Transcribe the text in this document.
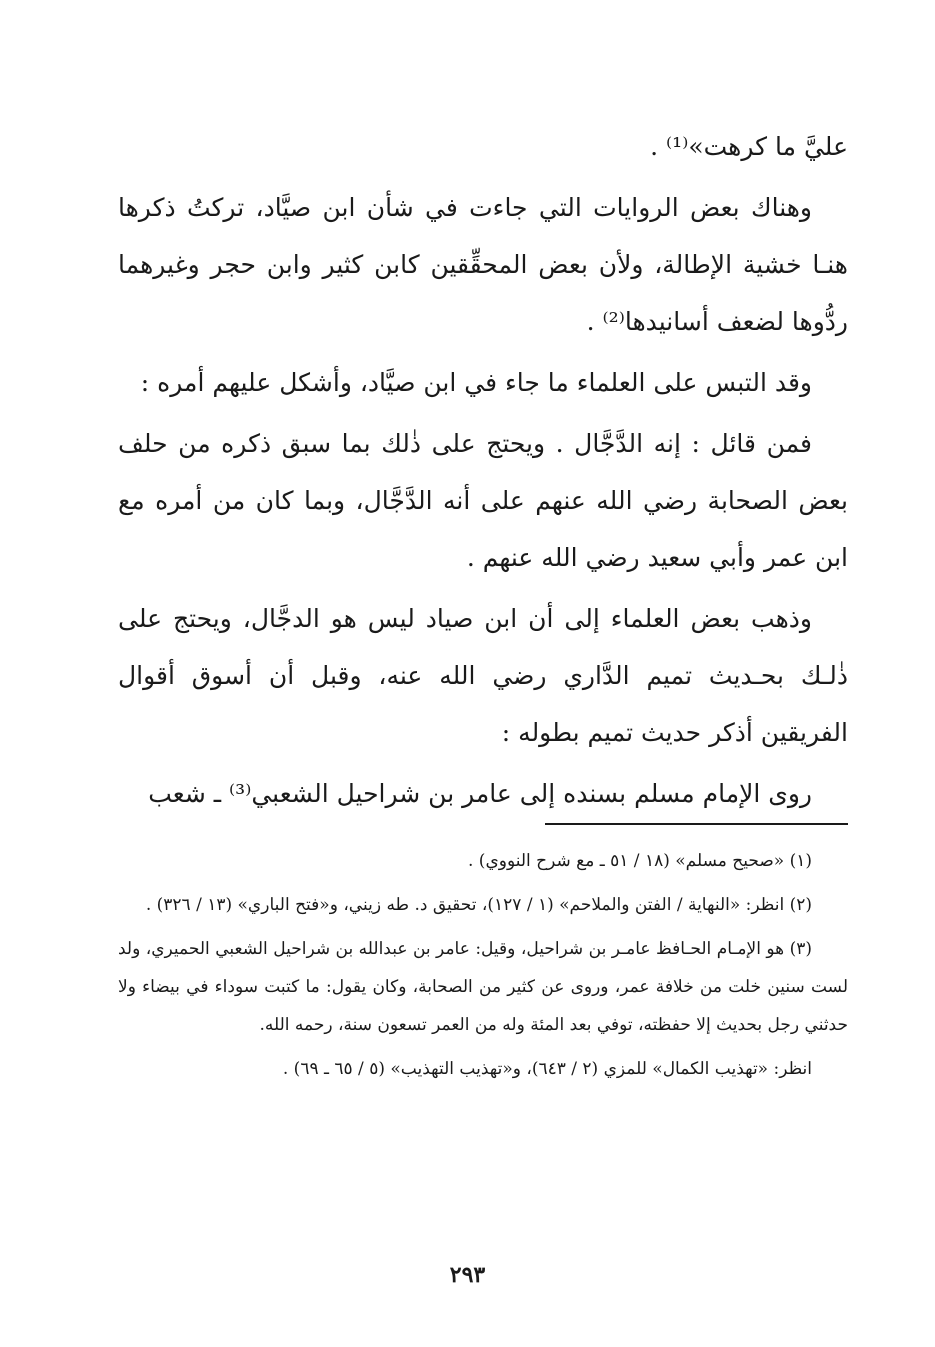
عليَّ ما كرهت»⁽¹⁾ .

وهناك بعض الروايات التي جاءت في شأن ابن صيَّاد، تركتُ ذكرها هنـا خشية الإطالة، ولأن بعض المحقِّقين كابن كثير وابن حجر وغيرهما ردُّوها لضعف أسانيدها⁽²⁾ .

وقد التبس على العلماء ما جاء في ابن صيَّاد، وأشكل عليهم أمره :

فمن قائل : إنه الدَّجَّال . ويحتج على ذٰلك بما سبق ذكره من حلف بعض الصحابة رضي الله عنهم على أنه الدَّجَّال، وبما كان من أمره مع ابن عمر وأبي سعيد رضي الله عنهم .

وذهب بعض العلماء إلى أن ابن صياد ليس هو الدجَّال، ويحتج على ذٰلـك بحـديث تميم الدَّاري رضي الله عنه، وقبل أن أسوق أقوال الفريقين أذكر حديث تميم بطوله :

روى الإمام مسلم بسنده إلى عامر بن شراحيل الشعبي⁽³⁾ ـ شعب

(١) «صحيح مسلم» (١٨ / ٥١ ـ مع شرح النووي) .

(٢) انظر: «النهاية / الفتن والملاحم» (١ / ١٢٧)، تحقيق د. طه زيني، و«فتح الباري» (١٣ / ٣٢٦) .

(٣) هو الإمـام الحـافظ عامـر بن شراحيل، وقيل: عامر بن عبدالله بن شراحيل الشعبي الحميري، ولد لست سنين خلت من خلافة عمر، وروى عن كثير من الصحابة، وكان يقول: ما كتبت سوداء في بيضاء ولا حدثني رجل بحديث إلا حفظته، توفي بعد المئة وله من العمر تسعون سنة، رحمه الله.

انظر: «تهذيب الكمال» للمزي (٢ / ٦٤٣)، و«تهذيب التهذيب» (٥ / ٦٥ ـ ٦٩) .

٢٩٣
